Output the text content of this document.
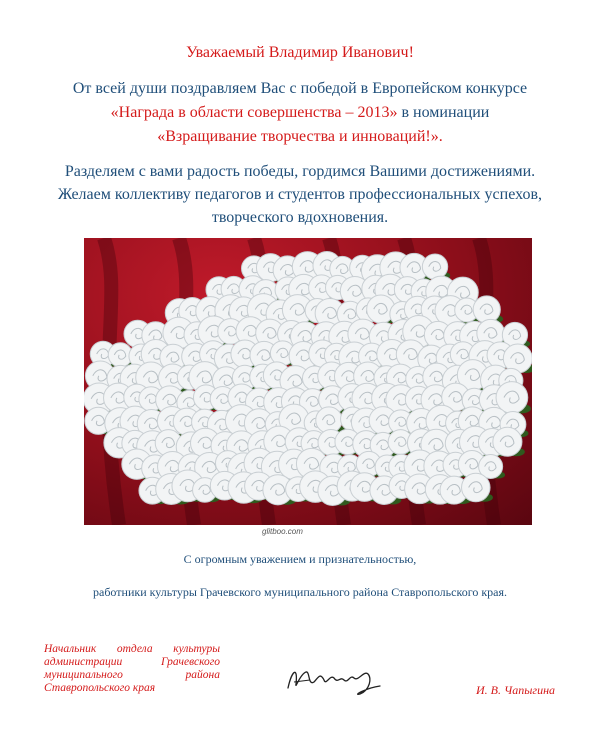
Уважаемый Владимир Иванович!
От всей души поздравляем Вас с победой в Европейском конкурсе
«Награда в области совершенства – 2013» в номинации
«Взращивание творчества и инноваций!».
Разделяем с вами радость победы, гордимся Вашими достижениями. Желаем коллективу педагогов и студентов профессиональных успехов, творческого вдохновения.
glitboo.com
С огромным уважением и признательностью,
работники культуры Грачевского муниципального района Ставропольского края.
Начальник отдела культуры
администрации Грачевского
муниципального района
Ставропольского края	И. В. Чапыгина
